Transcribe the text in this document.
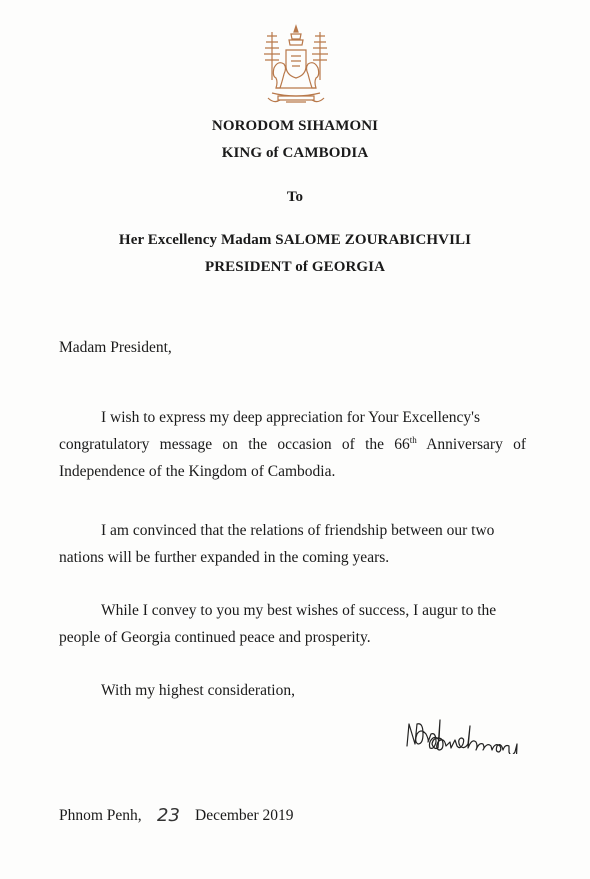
NORODOM SIHAMONI
KING of CAMBODIA
To
Her Excellency Madam SALOME ZOURABICHVILI
PRESIDENT of GEORGIA
Madam President,
I wish to express my deep appreciation for Your Excellency's
congratulatory message on the occasion of the 66th Anniversary of
Independence of the Kingdom of Cambodia.
I am convinced that the relations of friendship between our two
nations will be further expanded in the coming years.
While I convey to you my best wishes of success, I augur to the
people of Georgia continued peace and prosperity.
With my highest consideration,
Phnom Penh, 23 December 2019
